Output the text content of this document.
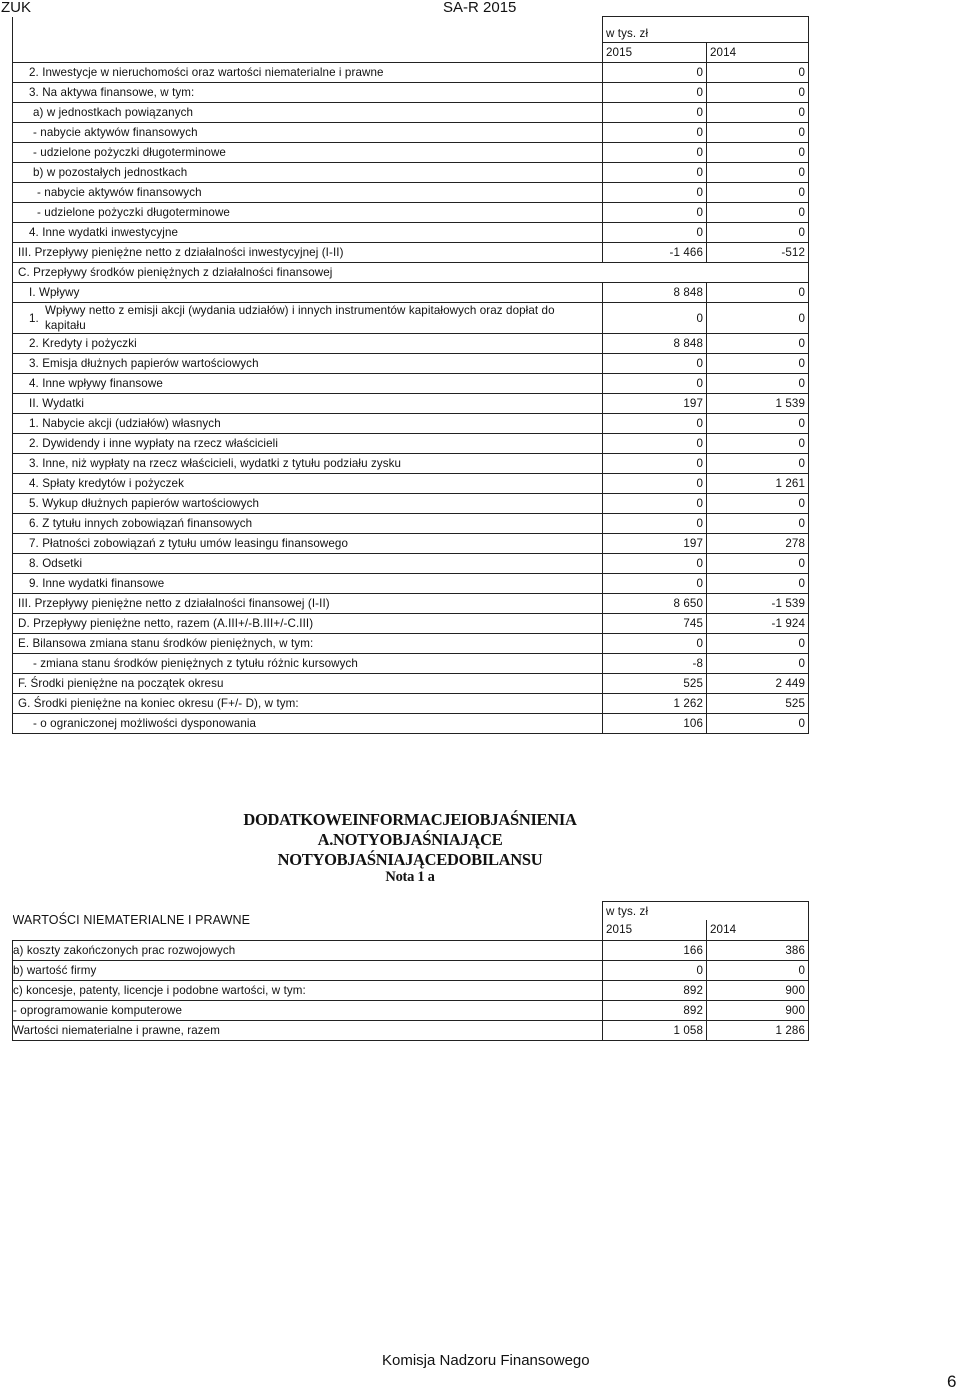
ZUK	SA-R 2015
	w tys. zł	
	2015	2014
2. Inwestycje w nieruchomości oraz wartości niematerialne i prawne	0	0
3. Na aktywa finansowe, w tym:	0	0
a) w jednostkach powiązanych	0	0
- nabycie aktywów finansowych	0	0
- udzielone pożyczki długoterminowe	0	0
b) w pozostałych jednostkach	0	0
- nabycie aktywów finansowych	0	0
- udzielone pożyczki długoterminowe	0	0
4. Inne wydatki inwestycyjne	0	0
III. Przepływy pieniężne netto z działalności inwestycyjnej (I-II)	-1 466	-512
C. Przepływy środków pieniężnych z działalności finansowej		
I. Wpływy	8 848	0
1.Wpływy netto z emisji akcji (wydania udziałów) i innych instrumentów kapitałowych oraz dopłat do kapitału	0	0
2. Kredyty i pożyczki	8 848	0
3. Emisja dłużnych papierów wartościowych	0	0
4. Inne wpływy finansowe	0	0
II. Wydatki	197	1 539
1. Nabycie akcji (udziałów) własnych	0	0
2. Dywidendy i inne wypłaty na rzecz właścicieli	0	0
3. Inne, niż wypłaty na rzecz właścicieli, wydatki z tytułu podziału zysku	0	0
4. Spłaty kredytów i pożyczek	0	1 261
5. Wykup dłużnych papierów wartościowych	0	0
6. Z tytułu innych zobowiązań finansowych	0	0
7. Płatności zobowiązań z tytułu umów leasingu finansowego	197	278
8. Odsetki	0	0
9. Inne wydatki finansowe	0	0
III. Przepływy pieniężne netto z działalności finansowej (I-II)	8 650	-1 539
D. Przepływy pieniężne netto, razem (A.III+/-B.III+/-C.III)	745	-1 924
E. Bilansowa zmiana stanu środków pieniężnych, w tym:	0	0
- zmiana stanu środków pieniężnych z tytułu różnic kursowych	-8	0
F. Środki pieniężne na początek okresu	525	2 449
G. Środki pieniężne na koniec okresu (F+/- D), w tym:	1 262	525
- o ograniczonej możliwości dysponowania	106	0
DODATKOWEINFORMACJEIOBJAŚNIENIA
A.NOTYOBJAŚNIAJĄCE
NOTYOBJAŚNIAJĄCEDOBILANSU
Nota 1 a
WARTOŚCI NIEMATERIALNE I PRAWNE	w tys. zł	
	2015	2014
a) koszty zakończonych prac rozwojowych	166	386
b) wartość firmy	0	0
c) koncesje, patenty, licencje i podobne wartości, w tym:	892	900
- oprogramowanie komputerowe	892	900
Wartości niematerialne i prawne, razem	1 058	1 286
Komisja Nadzoru Finansowego
6
